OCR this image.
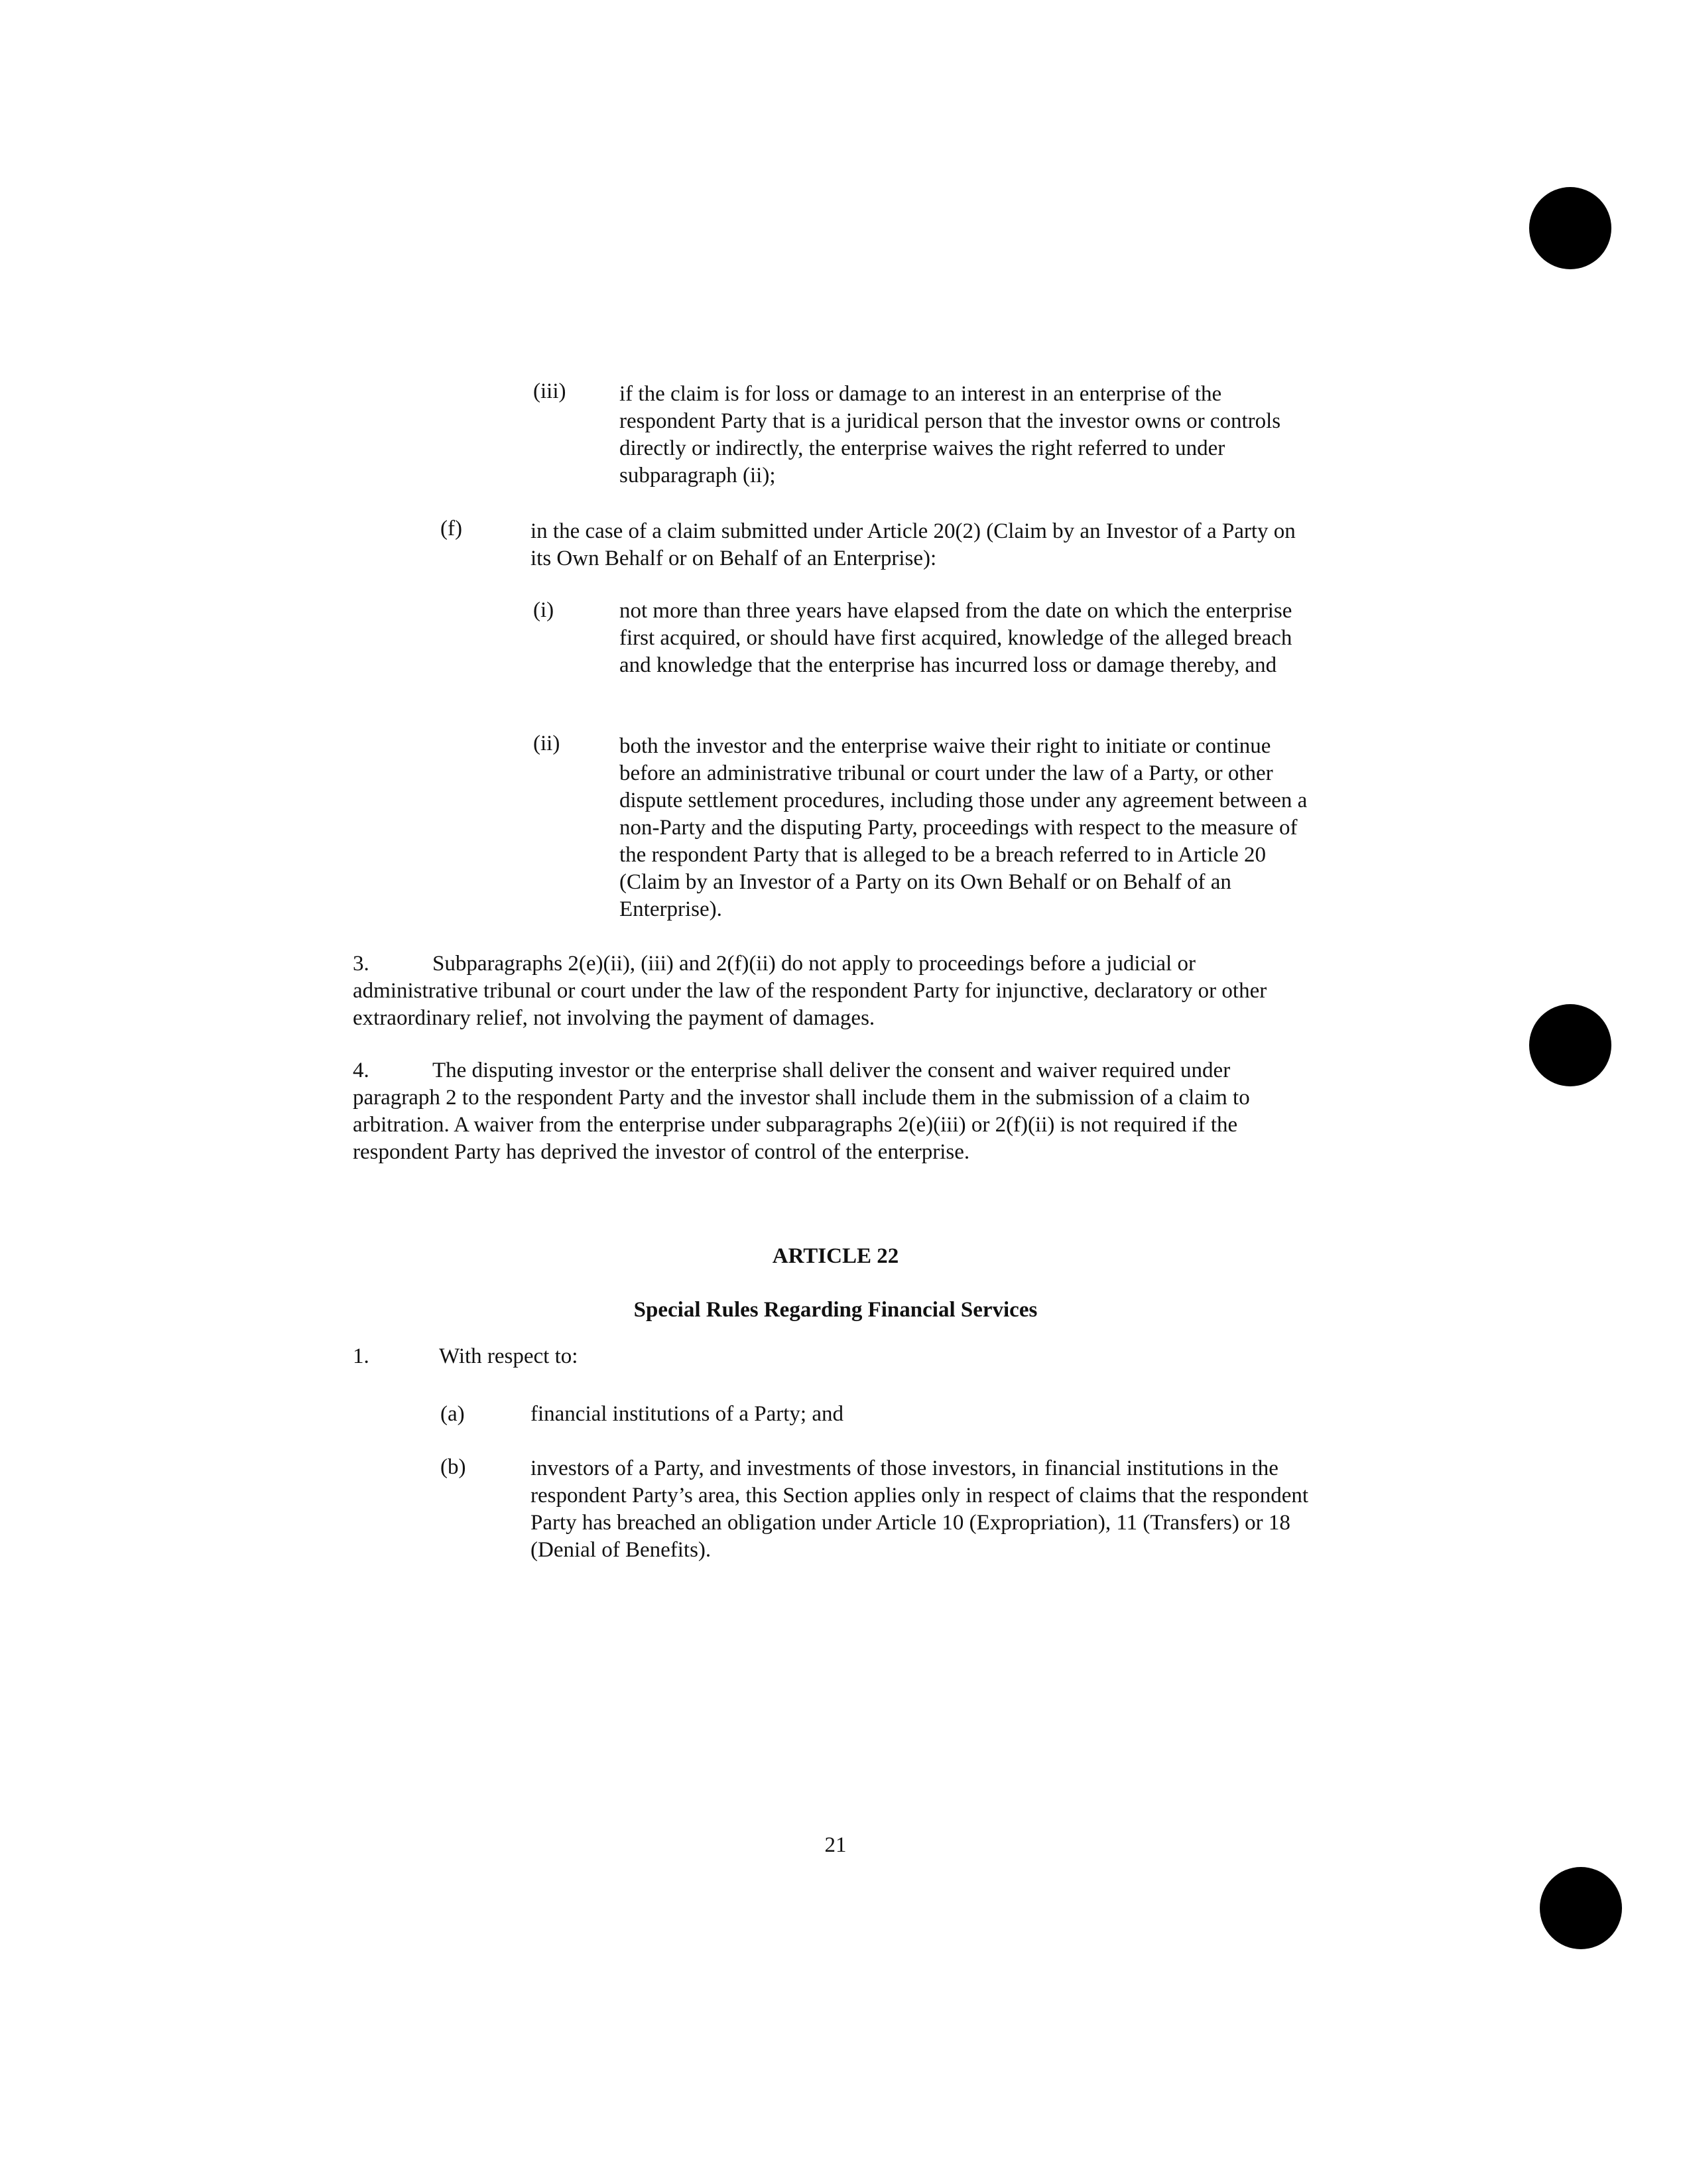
(iii) if the claim is for loss or damage to an interest in an enterprise of the respondent Party that is a juridical person that the investor owns or controls directly or indirectly, the enterprise waives the right referred to under subparagraph (ii);
(f)	in the case of a claim submitted under Article 20(2) (Claim by an Investor of a Party on its Own Behalf or on Behalf of an Enterprise):
(i)	not more than three years have elapsed from the date on which the enterprise first acquired, or should have first acquired, knowledge of the alleged breach and knowledge that the enterprise has incurred loss or damage thereby, and
(ii)	both the investor and the enterprise waive their right to initiate or continue before an administrative tribunal or court under the law of a Party, or other dispute settlement procedures, including those under any agreement between a non-Party and the disputing Party, proceedings with respect to the measure of the respondent Party that is alleged to be a breach referred to in Article 20 (Claim by an Investor of a Party on its Own Behalf or on Behalf of an Enterprise).
3.	Subparagraphs 2(e)(ii), (iii) and 2(f)(ii) do not apply to proceedings before a judicial or administrative tribunal or court under the law of the respondent Party for injunctive, declaratory or other extraordinary relief, not involving the payment of damages.
4.	The disputing investor or the enterprise shall deliver the consent and waiver required under paragraph 2 to the respondent Party and the investor shall include them in the submission of a claim to arbitration. A waiver from the enterprise under subparagraphs 2(e)(iii) or 2(f)(ii) is not required if the respondent Party has deprived the investor of control of the enterprise.
ARTICLE 22
Special Rules Regarding Financial Services
1.	With respect to:
(a)	financial institutions of a Party; and
(b)	investors of a Party, and investments of those investors, in financial institutions in the respondent Party’s area, this Section applies only in respect of claims that the respondent Party has breached an obligation under Article 10 (Expropriation), 11 (Transfers) or 18 (Denial of Benefits).
21
